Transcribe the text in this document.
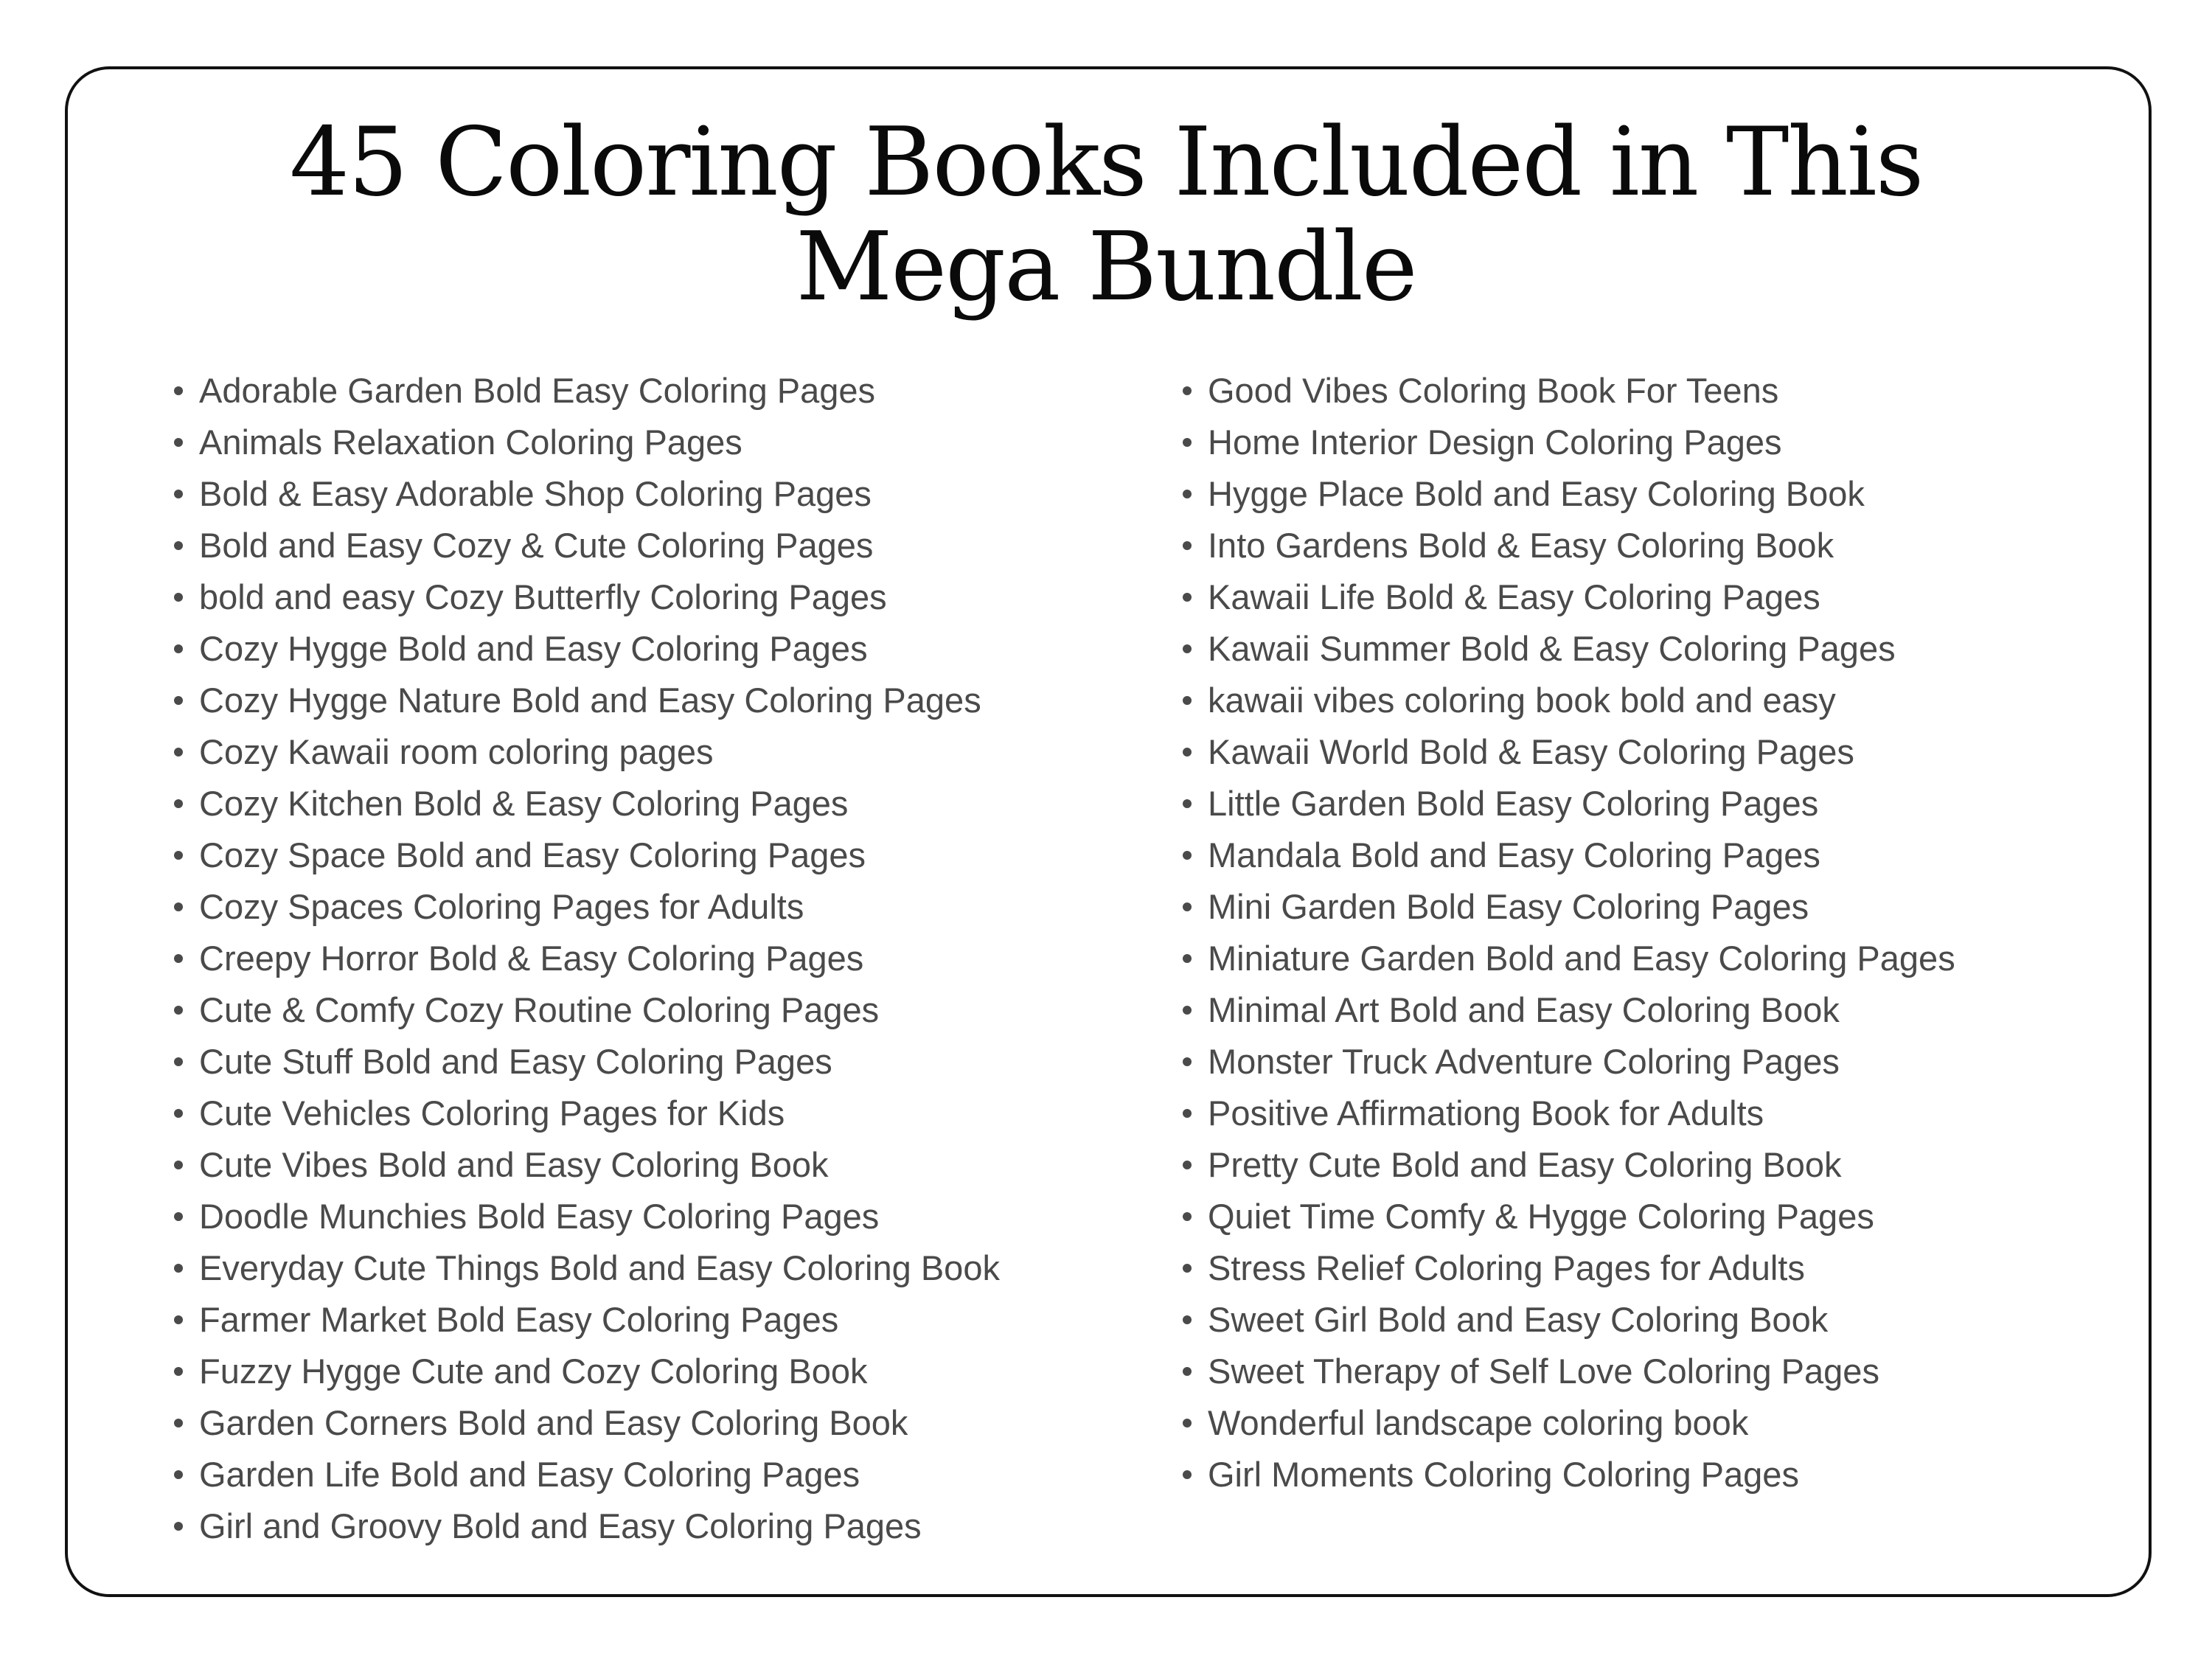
45 Coloring Books Included in This
Mega Bundle
Adorable Garden Bold Easy Coloring Pages
Animals Relaxation Coloring Pages
Bold & Easy Adorable Shop Coloring Pages
Bold and Easy Cozy & Cute Coloring Pages
bold and easy Cozy Butterfly Coloring Pages
Cozy Hygge Bold and Easy Coloring Pages
Cozy Hygge Nature Bold and Easy Coloring Pages
Cozy Kawaii room coloring pages
Cozy Kitchen Bold & Easy Coloring Pages
Cozy Space Bold and Easy Coloring Pages
Cozy Spaces Coloring Pages for Adults
Creepy Horror Bold & Easy Coloring Pages
Cute & Comfy Cozy Routine Coloring Pages
Cute Stuff Bold and Easy Coloring Pages
Cute Vehicles Coloring Pages for Kids
Cute Vibes Bold and Easy Coloring Book
Doodle Munchies Bold Easy Coloring Pages
Everyday Cute Things Bold and Easy Coloring Book
Farmer Market Bold Easy Coloring Pages
Fuzzy Hygge Cute and Cozy Coloring Book
Garden Corners Bold and Easy Coloring Book
Garden Life Bold and Easy Coloring Pages
Girl and Groovy Bold and Easy Coloring Pages
Good Vibes Coloring Book For Teens
Home Interior Design Coloring Pages
Hygge Place Bold and Easy Coloring Book
Into Gardens Bold & Easy Coloring Book
Kawaii Life Bold & Easy Coloring Pages
Kawaii Summer Bold & Easy Coloring Pages
kawaii vibes coloring book bold and easy
Kawaii World Bold & Easy Coloring Pages
Little Garden Bold Easy Coloring Pages
Mandala Bold and Easy Coloring Pages
Mini Garden Bold Easy Coloring Pages
Miniature Garden Bold and Easy Coloring Pages
Minimal Art Bold and Easy Coloring Book
Monster Truck Adventure Coloring Pages
Positive Affirmationg Book for Adults
Pretty Cute Bold and Easy Coloring Book
Quiet Time Comfy & Hygge Coloring Pages
Stress Relief Coloring Pages for Adults
Sweet Girl Bold and Easy Coloring Book
Sweet Therapy of Self Love Coloring Pages
Wonderful landscape coloring book
Girl Moments Coloring Coloring Pages
